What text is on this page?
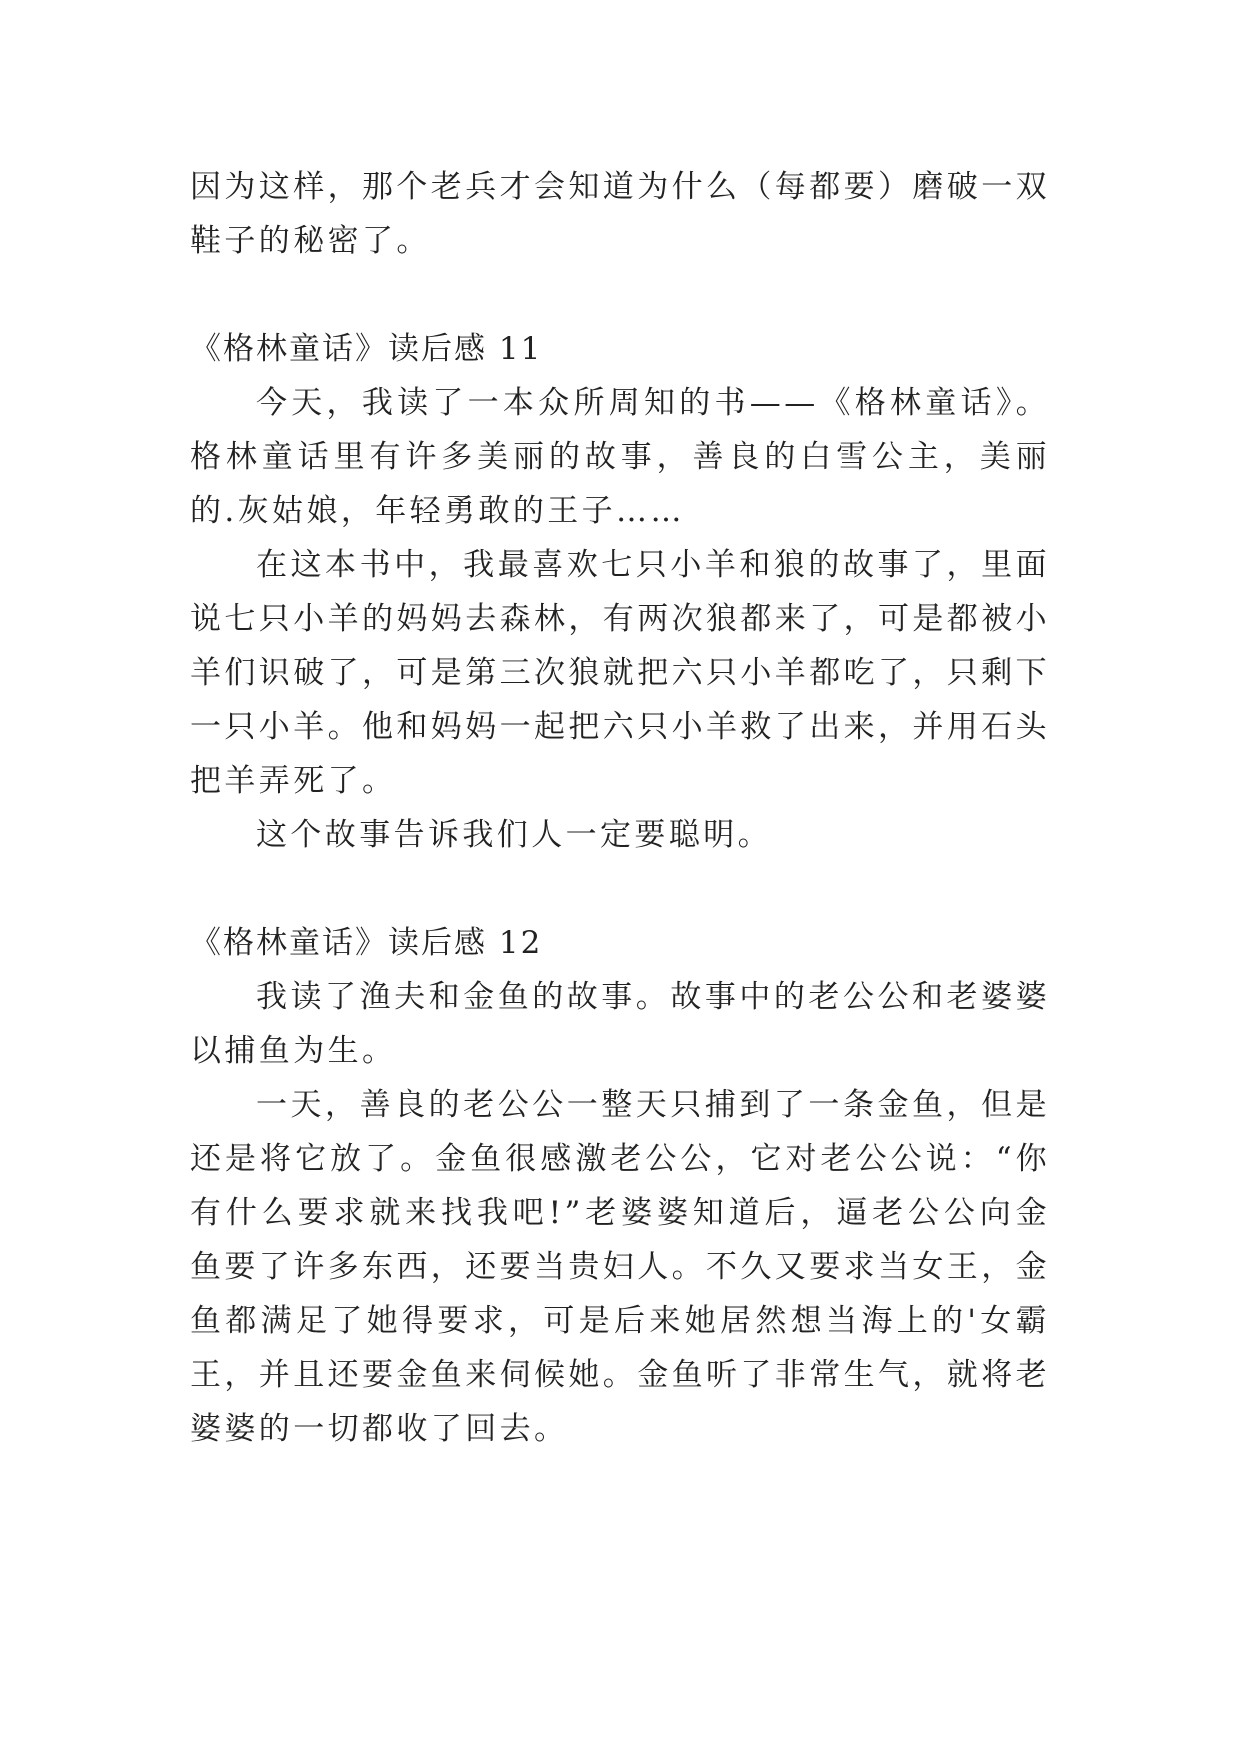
因为这样，那个老兵才会知道为什么（每都要）磨破一双鞋子的秘密了。

《格林童话》读后感 11

今天，我读了一本众所周知的书——《格林童话》。格林童话里有许多美丽的故事，善良的白雪公主，美丽的.灰姑娘，年轻勇敢的王子……

在这本书中，我最喜欢七只小羊和狼的故事了，里面说七只小羊的妈妈去森林，有两次狼都来了，可是都被小羊们识破了，可是第三次狼就把六只小羊都吃了，只剩下一只小羊。他和妈妈一起把六只小羊救了出来，并用石头把羊弄死了。

这个故事告诉我们人一定要聪明。

《格林童话》读后感 12

我读了渔夫和金鱼的故事。故事中的老公公和老婆婆以捕鱼为生。

一天，善良的老公公一整天只捕到了一条金鱼，但是还是将它放了。金鱼很感激老公公，它对老公公说：“你有什么要求就来找我吧!”老婆婆知道后，逼老公公向金鱼要了许多东西，还要当贵妇人。不久又要求当女王，金鱼都满足了她得要求，可是后来她居然想当海上的'女霸王，并且还要金鱼来伺候她。金鱼听了非常生气，就将老婆婆的一切都收了回去。
